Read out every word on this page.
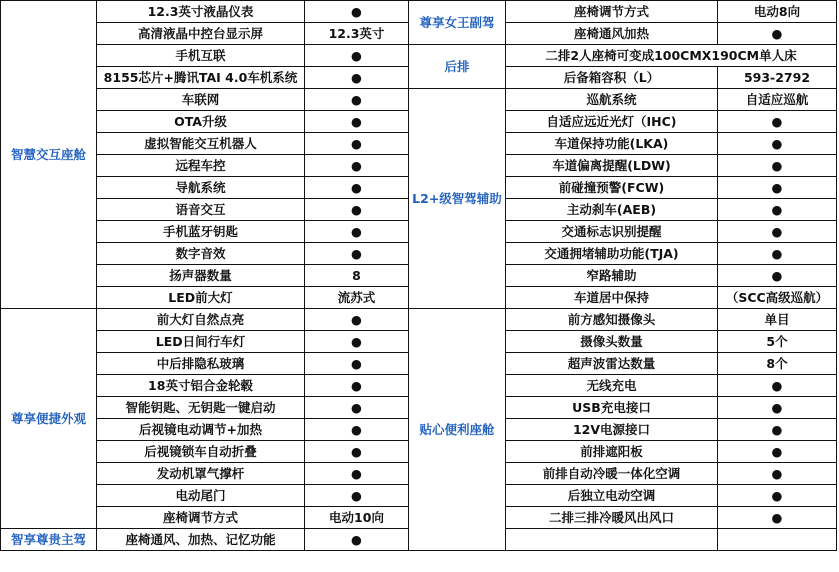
智慧交互座舱	12.3英寸液晶仪表	●	尊享女王副驾	座椅调节方式	电动8向
	高清液晶中控台显示屏	12.3英寸		座椅通风加热	●
	手机互联	●	后排	二排2人座椅可变成100CMX190CM单人床	
	8155芯片+腾讯TAI 4.0车机系统	●		后备箱容积（L）	593-2792
	车联网	●	L2+级智驾辅助	巡航系统	自适应巡航
	OTA升级	●		自适应远近光灯（IHC)	●
	虚拟智能交互机器人	●		车道保持功能(LKA)	●
	远程车控	●		车道偏离提醒(LDW)	●
	导航系统	●		前碰撞预警(FCW)	●
	语音交互	●		主动刹车(AEB)	●
	手机蓝牙钥匙	●		交通标志识别提醒	●
	数字音效	●		交通拥堵辅助功能(TJA)	●
	扬声器数量	8		窄路辅助	●
	LED前大灯	流苏式		车道居中保持	（SCC高级巡航）
尊享便捷外观	前大灯自然点亮	●	贴心便利座舱	前方感知摄像头	单目
	LED日间行车灯	●		摄像头数量	5个
	中后排隐私玻璃	●		超声波雷达数量	8个
	18英寸铝合金轮毂	●		无线充电	●
	智能钥匙、无钥匙一键启动	●		USB充电接口	●
	后视镜电动调节+加热	●		12V电源接口	●
	后视镜锁车自动折叠	●		前排遮阳板	●
	发动机罩气撑杆	●		前排自动冷暖一体化空调	●
	电动尾门	●		后独立电动空调	●
	座椅调节方式	电动10向		二排三排冷暖风出风口	●
智享尊贵主驾	座椅通风、加热、记忆功能	●			
